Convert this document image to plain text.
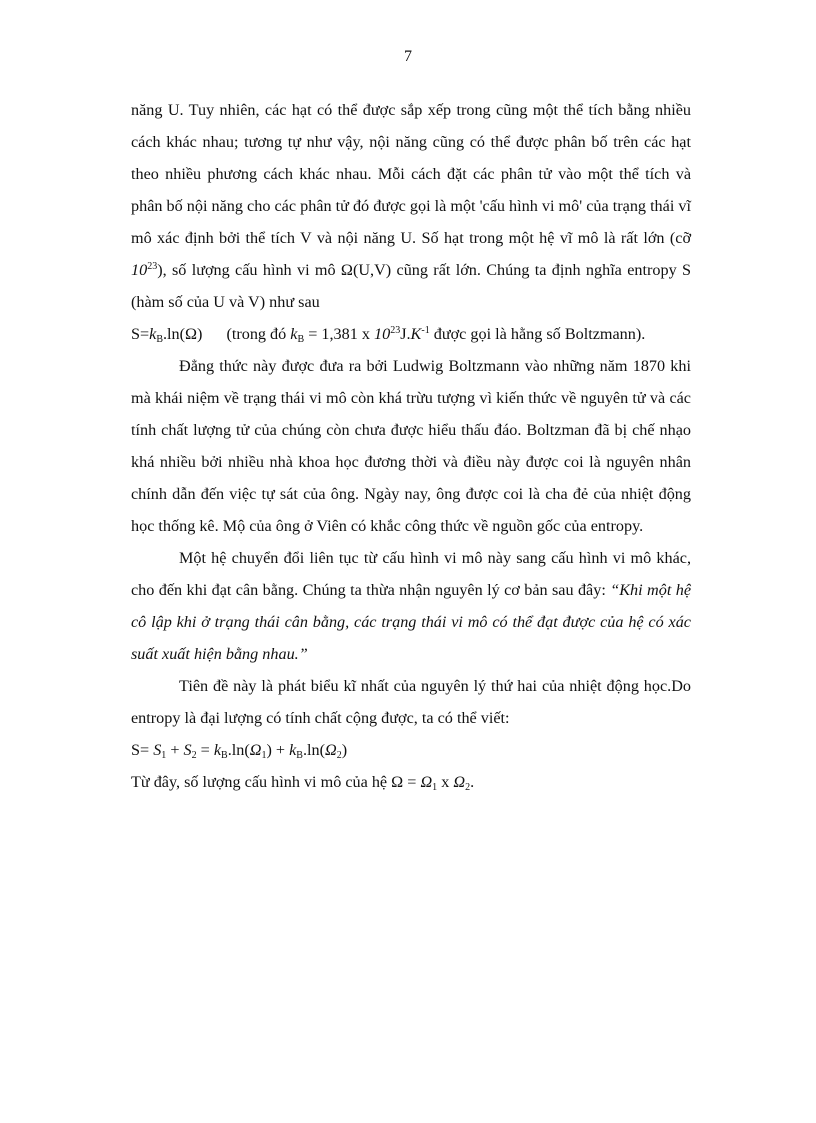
7

năng U. Tuy nhiên, các hạt có thể được sắp xếp trong cũng một thể tích bằng nhiều cách khác nhau; tương tự như vậy, nội năng cũng có thể được phân bố trên các hạt theo nhiều phương cách khác nhau. Mỗi cách đặt các phân tử vào một thể tích và phân bố nội năng cho các phân tử đó được gọi là một 'cấu hình vi mô' của trạng thái vĩ mô xác định bởi thể tích V và nội năng U. Số hạt trong một hệ vĩ mô là rất lớn (cỡ $10^{23}$), số lượng cấu hình vi mô Ω(U,V) cũng rất lớn. Chúng ta định nghĩa entropy S (hàm số của U và V) như sau

$S=k_B.\ln(\Omega)$ (trong đó $k_B = 1,381$ x $10^{23}J.K^{-1}$ được gọi là hằng số Boltzmann).

Đẳng thức này được đưa ra bởi Ludwig Boltzmann vào những năm 1870 khi mà khái niệm về trạng thái vi mô còn khá trừu tượng vì kiến thức về nguyên tử và các tính chất lượng tử của chúng còn chưa được hiểu thấu đáo. Boltzman đã bị chế nhạo khá nhiều bởi nhiều nhà khoa học đương thời và điều này được coi là nguyên nhân chính dẫn đến việc tự sát của ông. Ngày nay, ông được coi là cha đẻ của nhiệt động học thống kê. Mộ của ông ở Viên có khắc công thức về nguồn gốc của entropy.

Một hệ chuyển đổi liên tục từ cấu hình vi mô này sang cấu hình vi mô khác, cho đến khi đạt cân bằng. Chúng ta thừa nhận nguyên lý cơ bản sau đây: “Khi một hệ cô lập khi ở trạng thái cân bằng, các trạng thái vi mô có thể đạt được của hệ có xác suất xuất hiện bằng nhau.”

Tiên đề này là phát biểu kĩ nhất của nguyên lý thứ hai của nhiệt động học.Do entropy là đại lượng có tính chất cộng được, ta có thể viết:

$S= S_1 + S_2 = k_B.\ln(\Omega_1) + k_B.\ln(\Omega_2)$

Từ đây, số lượng cấu hình vi mô của hệ $\Omega = \Omega_1$ x $\Omega_2$.
